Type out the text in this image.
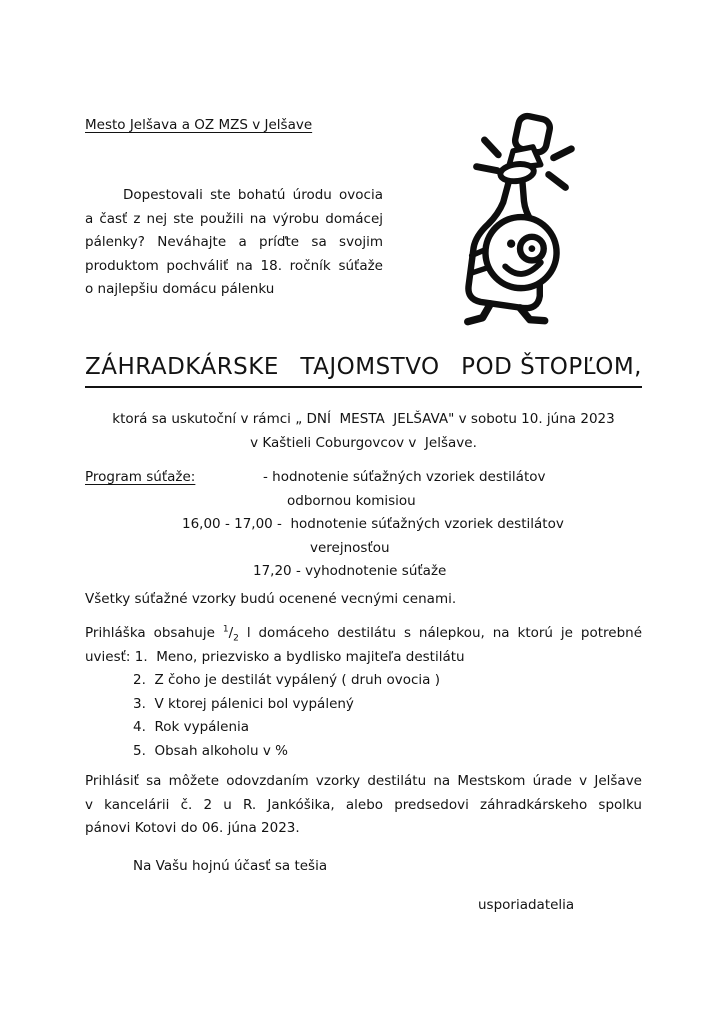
Mesto Jelšava a OZ MZS v Jelšave
Dopestovali ste bohatú úrodu ovocia
a časť z nej ste použili na výrobu domácej
pálenky? Neváhajte a príďte sa svojim
produktom pochváliť na 18. ročník súťaže
o najlepšiu domácu pálenku
ZÁHRADKÁRSKE TAJOMSTVO POD ŠTOPĽOM,
ktorá sa uskutoční v rámci „ DNÍ  MESTA  JELŠAVA" v sobotu 10. júna 2023
v Kaštieli Coburgovcov v  Jelšave.
Program súťaže:	- hodnotenie súťažných vzoriek destilátov
odbornou komisiou
16,00 - 17,00 -  hodnotenie súťažných vzoriek destilátov
verejnosťou
17,20 - vyhodnotenie súťaže
Všetky súťažné vzorky budú ocenené vecnými cenami.
Prihláška obsahuje $^1/_2$ l domáceho destilátu s nálepkou, na ktorú je potrebné
uviesť: 1.  Meno, priezvisko a bydlisko majiteľa destilátu
2.  Z čoho je destilát vypálený ( druh ovocia )
3.  V ktorej pálenici bol vypálený
4.  Rok vypálenia
5.  Obsah alkoholu v %
Prihlásiť sa môžete odovzdaním vzorky destilátu na Mestskom úrade v Jelšave
v kancelárii č. 2 u R. Jankóšika, alebo predsedovi záhradkárskeho spolku
pánovi Kotovi do 06. júna 2023.
Na Vašu hojnú účasť sa tešia
usporiadatelia
